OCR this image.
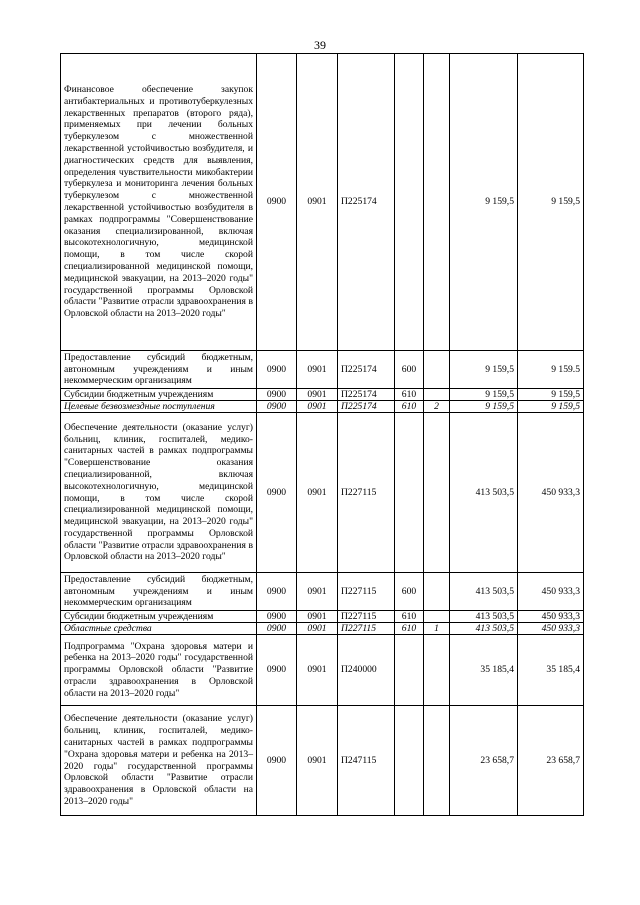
39
Финансовое обеспечение закупок антибактериальных и противотуберкулезных лекарственных препаратов (второго ряда), применяемых при лечении больных туберкулезом с множественной лекарственной устойчивостью возбудителя, и диагностических средств для выявления, определения чувствительности микобактерии туберкулеза и мониторинга лечения больных туберкулезом с множественной лекарственной устойчивостью возбудителя в рамках подпрограммы "Совершенствование оказания специализированной, включая высокотехнологичную, медицинской помощи, в том числе скорой специализированной медицинской помощи, медицинской эвакуации, на 2013–2020 годы" государственной программы Орловской области "Развитие отрасли здравоохранения в Орловской области на 2013–2020 годы"	0900	0901	П225174			9 159,5	9 159,5
Предоставление субсидий бюджетным, автономным учреждениям и иным некоммерческим организациям	0900	0901	П225174	600		9 159,5	9 159.5
Субсидии бюджетным учреждениям	0900	0901	П225174	610		9 159,5	9 159,5
Целевые безвозмездные поступления	0900	0901	П225174	610	2	9 159,5	9 159,5
Обеспечение деятельности (оказание услуг) больниц, клиник, госпиталей, медико-санитарных частей в рамках подпрограммы "Совершенствование оказания специализированной, включая высокотехнологичную, медицинской помощи, в том числе скорой специализированной медицинской помощи, медицинской эвакуации, на 2013–2020 годы" государственной программы Орловской области "Развитие отрасли здравоохранения в Орловской области на 2013–2020 годы"	0900	0901	П227115			413 503,5	450 933,3
Предоставление субсидий бюджетным, автономным учреждениям и иным некоммерческим организациям	0900	0901	П227115	600		413 503,5	450 933,3
Субсидии бюджетным учреждениям	0900	0901	П227115	610		413 503,5	450 933,3
Областные средства	0900	0901	П227115	610	1	413 503,5	450 933,3
Подпрограмма "Охрана здоровья матери и ребенка на 2013–2020 годы" государственной программы Орловской области "Развитие отрасли здравоохранения в Орловской области на 2013–2020 годы"	0900	0901	П240000			35 185,4	35 185,4
Обеспечение деятельности (оказание услуг) больниц, клиник, госпиталей, медико-санитарных частей в рамках подпрограммы "Охрана здоровья матери и ребенка на 2013–2020 годы" государственной программы Орловской области "Развитие отрасли здравоохранения в Орловской области на 2013–2020 годы"	0900	0901	П247115			23 658,7	23 658,7
